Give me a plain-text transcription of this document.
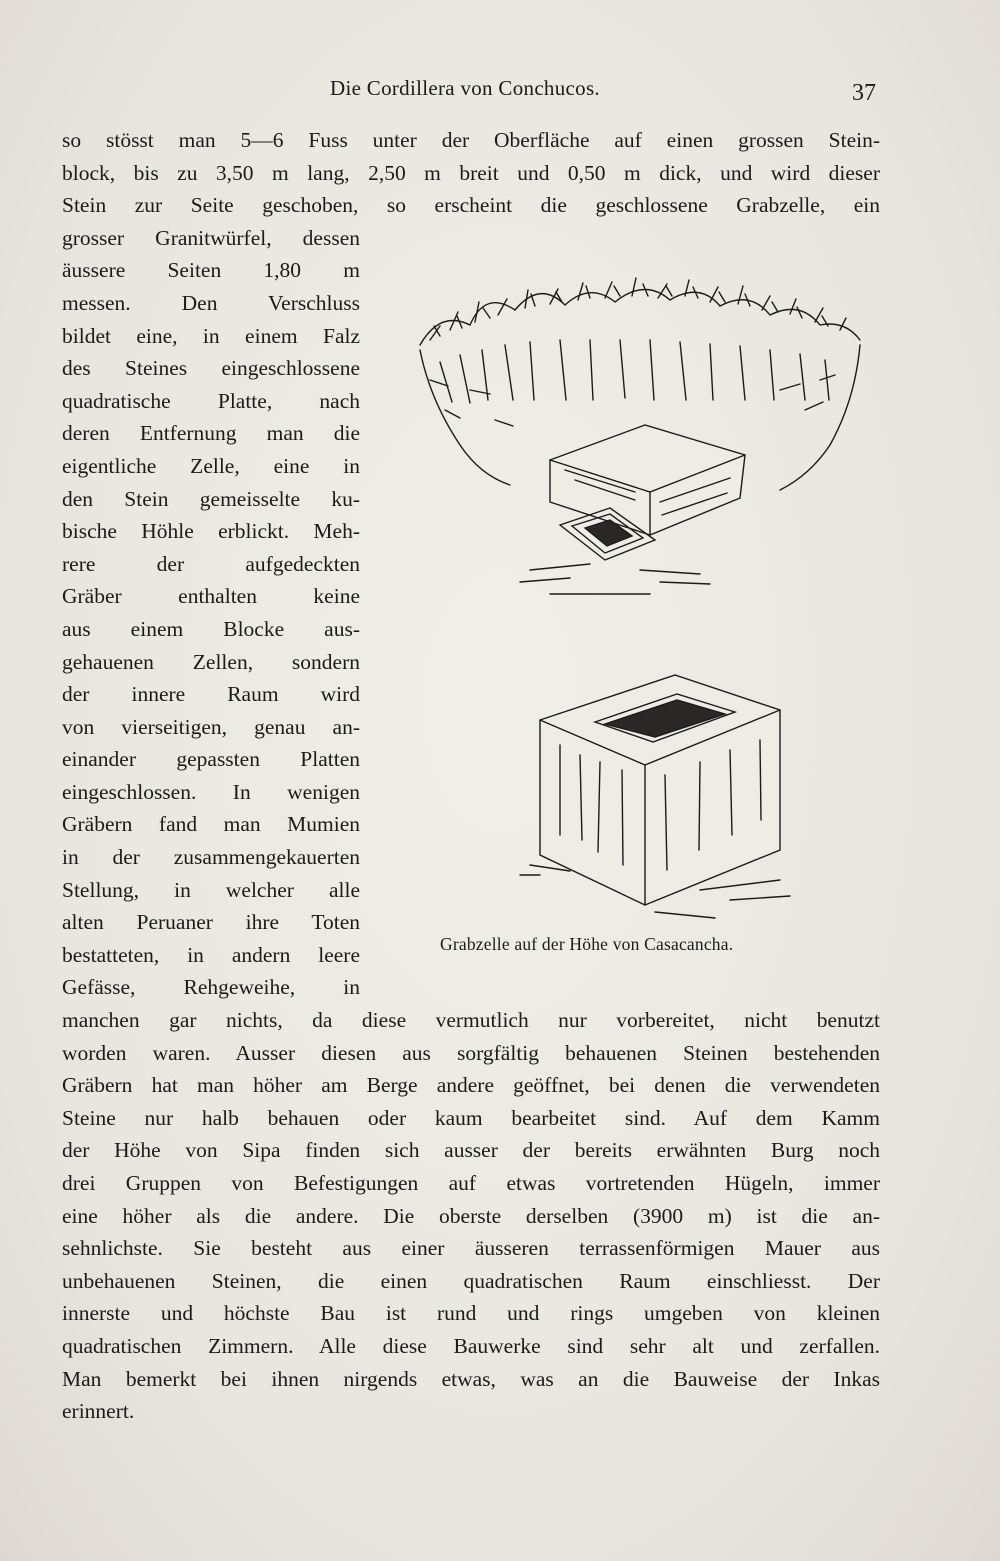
Die Cordillera von Conchucos.	37
so stösst man 5—6 Fuss unter der Oberfläche auf einen grossen Stein-
block, bis zu 3,50 m lang, 2,50 m breit und 0,50 m dick, und wird dieser
Stein zur Seite geschoben, so erscheint die geschlossene Grabzelle, ein
grosser Granitwürfel, dessen
äussere Seiten 1,80 m
messen. Den Verschluss
bildet eine, in einem Falz
des Steines eingeschlossene
quadratische Platte, nach
deren Entfernung man die
eigentliche Zelle, eine in
den Stein gemeisselte ku-
bische Höhle erblickt. Meh-
rere der aufgedeckten
Gräber enthalten keine
aus einem Blocke aus-
gehauenen Zellen, sondern
der innere Raum wird
von vierseitigen, genau an-
einander gepassten Platten
eingeschlossen. In wenigen
Gräbern fand man Mumien
in der zusammengekauerten
Stellung, in welcher alle
alten Peruaner ihre Toten
bestatteten, in andern leere
Gefässe, Rehgeweihe, in
manchen gar nichts, da diese vermutlich nur vorbereitet, nicht benutzt
worden waren. Ausser diesen aus sorgfältig behauenen Steinen bestehenden
Gräbern hat man höher am Berge andere geöffnet, bei denen die verwendeten
Steine nur halb behauen oder kaum bearbeitet sind. Auf dem Kamm
der Höhe von Sipa finden sich ausser der bereits erwähnten Burg noch
drei Gruppen von Befestigungen auf etwas vortretenden Hügeln, immer
eine höher als die andere. Die oberste derselben (3900 m) ist die an-
sehnlichste. Sie besteht aus einer äusseren terrassenförmigen Mauer aus
unbehauenen Steinen, die einen quadratischen Raum einschliesst. Der
innerste und höchste Bau ist rund und rings umgeben von kleinen
quadratischen Zimmern. Alle diese Bauwerke sind sehr alt und zerfallen.
Man bemerkt bei ihnen nirgends etwas, was an die Bauweise der Inkas
erinnert.
Grabzelle auf der Höhe von Casacancha.
